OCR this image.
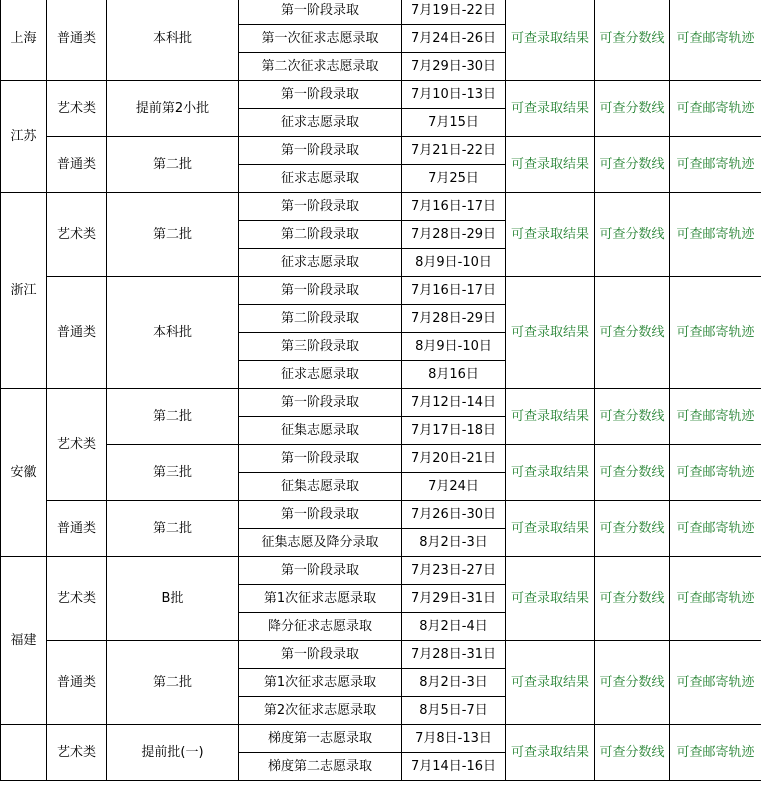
上海	普通类	本科批	第一阶段录取	7月19日-22日	可查录取结果	可查分数线	可查邮寄轨迹
			第一次征求志愿录取	7月24日-26日			
			第二次征求志愿录取	7月29日-30日			
江苏	艺术类	提前第2小批	第一阶段录取	7月10日-13日	可查录取结果	可查分数线	可查邮寄轨迹
			征求志愿录取	7月15日			
	普通类	第二批	第一阶段录取	7月21日-22日	可查录取结果	可查分数线	可查邮寄轨迹
			征求志愿录取	7月25日			
浙江	艺术类	第二批	第一阶段录取	7月16日-17日	可查录取结果	可查分数线	可查邮寄轨迹
			第二阶段录取	7月28日-29日			
			征求志愿录取	8月9日-10日			
	普通类	本科批	第一阶段录取	7月16日-17日	可查录取结果	可查分数线	可查邮寄轨迹
			第二阶段录取	7月28日-29日			
			第三阶段录取	8月9日-10日			
			征求志愿录取	8月16日			
安徽	艺术类	第二批	第一阶段录取	7月12日-14日	可查录取结果	可查分数线	可查邮寄轨迹
			征集志愿录取	7月17日-18日			
		第三批	第一阶段录取	7月20日-21日	可查录取结果	可查分数线	可查邮寄轨迹
			征集志愿录取	7月24日			
	普通类	第二批	第一阶段录取	7月26日-30日	可查录取结果	可查分数线	可查邮寄轨迹
			征集志愿及降分录取	8月2日-3日			
福建	艺术类	B批	第一阶段录取	7月23日-27日	可查录取结果	可查分数线	可查邮寄轨迹
			第1次征求志愿录取	7月29日-31日			
			降分征求志愿录取	8月2日-4日			
	普通类	第二批	第一阶段录取	7月28日-31日	可查录取结果	可查分数线	可查邮寄轨迹
			第1次征求志愿录取	8月2日-3日			
			第2次征求志愿录取	8月5日-7日			
	艺术类	提前批(一)	梯度第一志愿录取	7月8日-13日	可查录取结果	可查分数线	可查邮寄轨迹
			梯度第二志愿录取	7月14日-16日			
